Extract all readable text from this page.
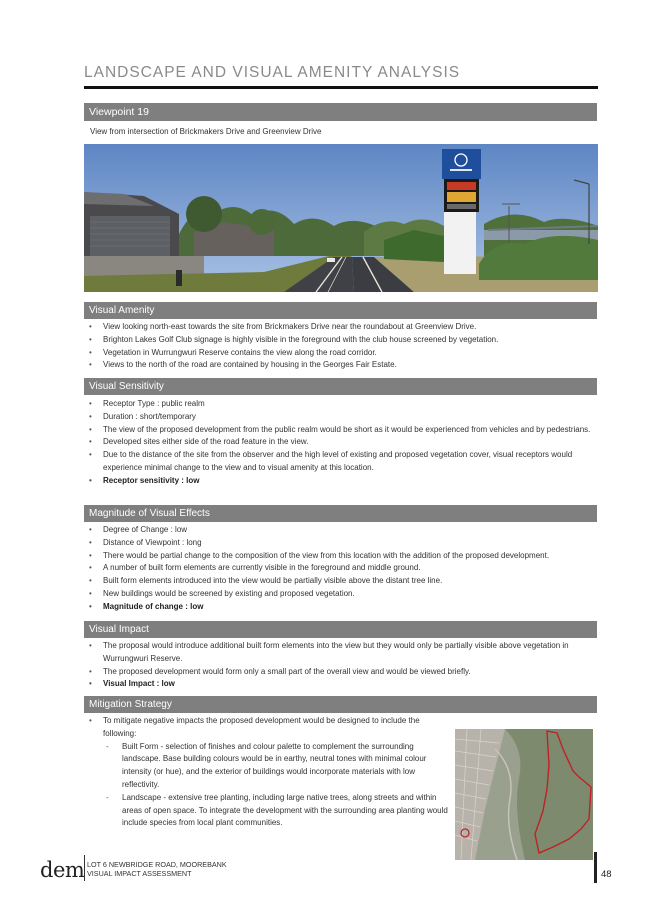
LANDSCAPE AND VISUAL AMENITY ANALYSIS
Viewpoint 19
View from intersection of Brickmakers Drive and Greenview Drive
Visual Amenity
• View looking north-east towards the site from Brickmakers Drive near the roundabout at Greenview Drive.
• Brighton Lakes Golf Club signage is highly visible in the foreground with the club house screened by vegetation.
• Vegetation in Wurrungwuri Reserve contains the view along the road corridor.
• Views to the north of the road are contained by housing in the Georges Fair Estate.
Visual Sensitivity
• Receptor Type : public realm
• Duration : short/temporary
• The view of the proposed development from the public realm would be short as it would be experienced from vehicles and by pedestrians.
• Developed sites either side of the road feature in the view.
• Due to the distance of the site from the observer and the high level of existing and proposed vegetation cover, visual receptors would experience minimal change to the view and to visual amenity at this location.
• Receptor sensitivity : low
Magnitude of Visual Effects
• Degree of Change : low
• Distance of Viewpoint : long
• There would be partial change to the composition of the view from this location with the addition of the proposed development.
• A number of built form elements are currently visible in the foreground and middle ground.
• Built form elements introduced into the view would be partially visible above the distant tree line.
• New buildings would be screened by existing and proposed vegetation.
• Magnitude of change : low
Visual Impact
• The proposal would introduce additional built form elements into the view but they would only be partially visible above vegetation in Wurrungwuri Reserve.
• The proposed development would form only a small part of the overall view and would be viewed briefly.
• Visual Impact : low
Mitigation Strategy
• To mitigate negative impacts the proposed development would be designed to include the following:
- Built Form - selection of finishes and colour palette to complement the surrounding landscape. Base building colours would be in earthy, neutral tones with minimal colour intensity (or hue), and the exterior of buildings would incorporate materials with low reflectivity.
- Landscape - extensive tree planting, including large native trees, along streets and within areas of open space. To integrate the development with the surrounding area planting would include species from local plant communities.
dem LOT 6 NEWBRIDGE ROAD, MOOREBANK
VISUAL IMPACT ASSESSMENT	48
